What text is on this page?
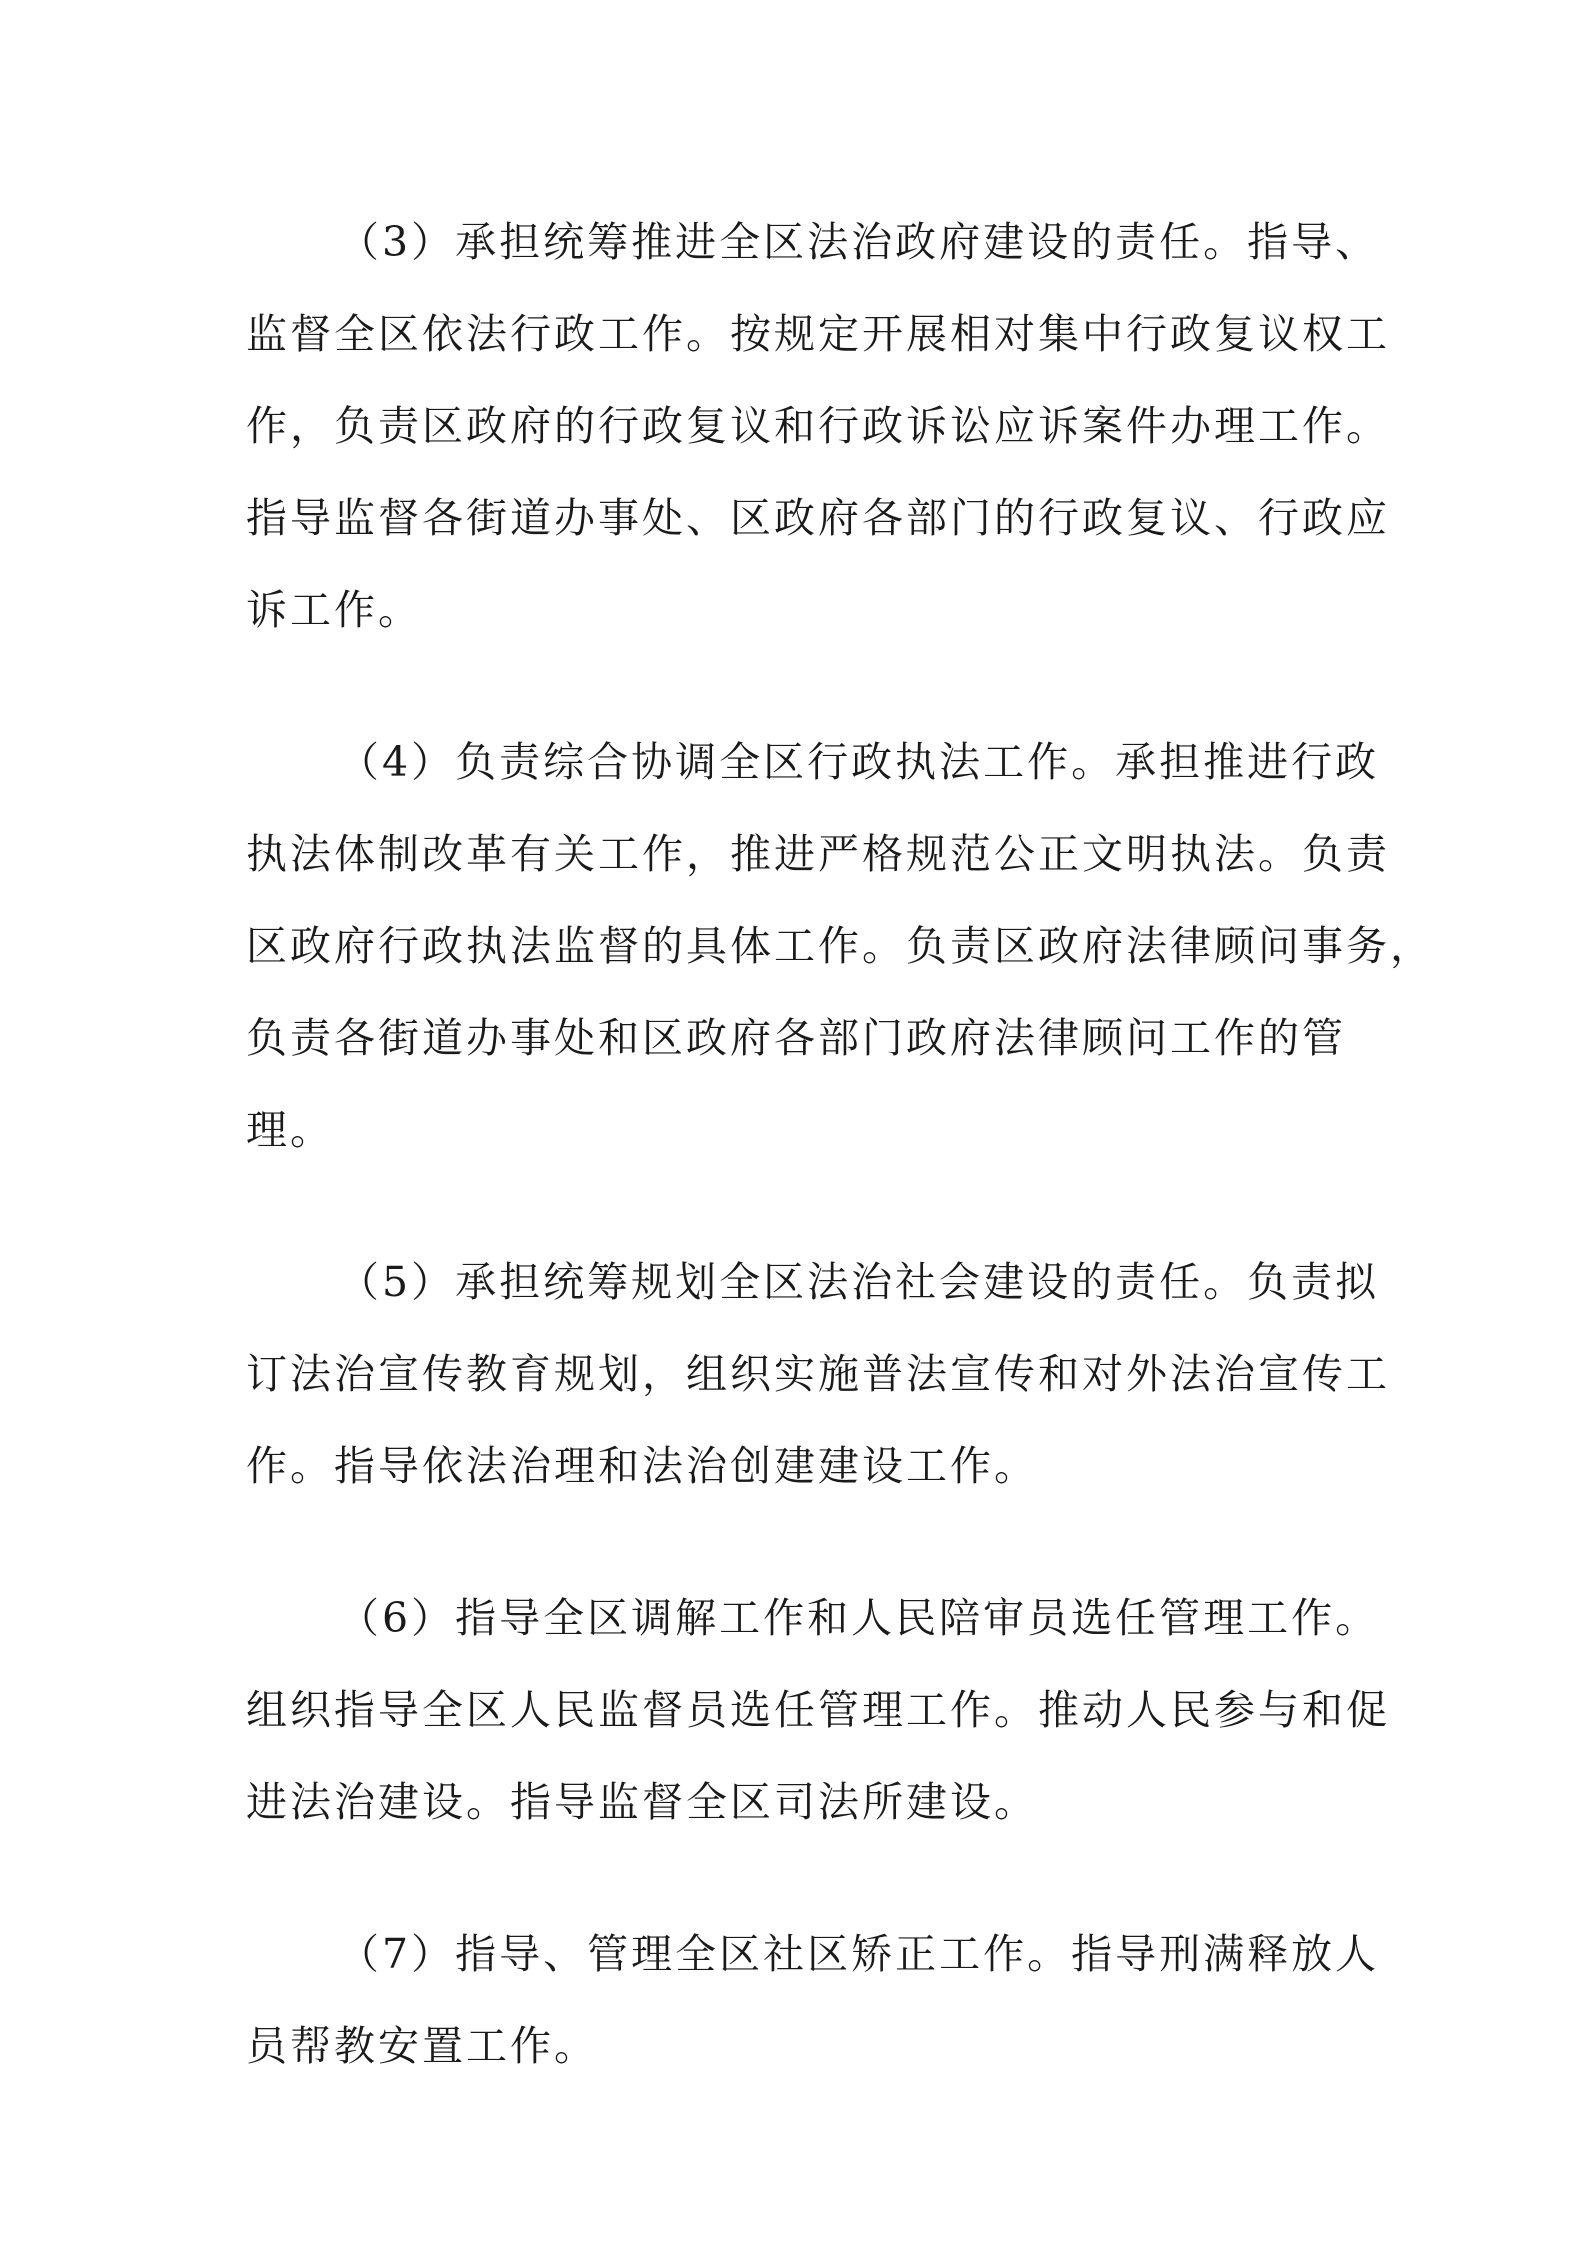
（3）承担统筹推进全区法治政府建设的责任。指导、
监督全区依法行政工作。按规定开展相对集中行政复议权工
作，负责区政府的行政复议和行政诉讼应诉案件办理工作。
指导监督各街道办事处、区政府各部门的行政复议、行政应
诉工作。

（4）负责综合协调全区行政执法工作。承担推进行政
执法体制改革有关工作，推进严格规范公正文明执法。负责
区政府行政执法监督的具体工作。负责区政府法律顾问事务，
负责各街道办事处和区政府各部门政府法律顾问工作的管
理。

（5）承担统筹规划全区法治社会建设的责任。负责拟
订法治宣传教育规划，组织实施普法宣传和对外法治宣传工
作。指导依法治理和法治创建建设工作。

（6）指导全区调解工作和人民陪审员选任管理工作。
组织指导全区人民监督员选任管理工作。推动人民参与和促
进法治建设。指导监督全区司法所建设。

（7）指导、管理全区社区矫正工作。指导刑满释放人
员帮教安置工作。
